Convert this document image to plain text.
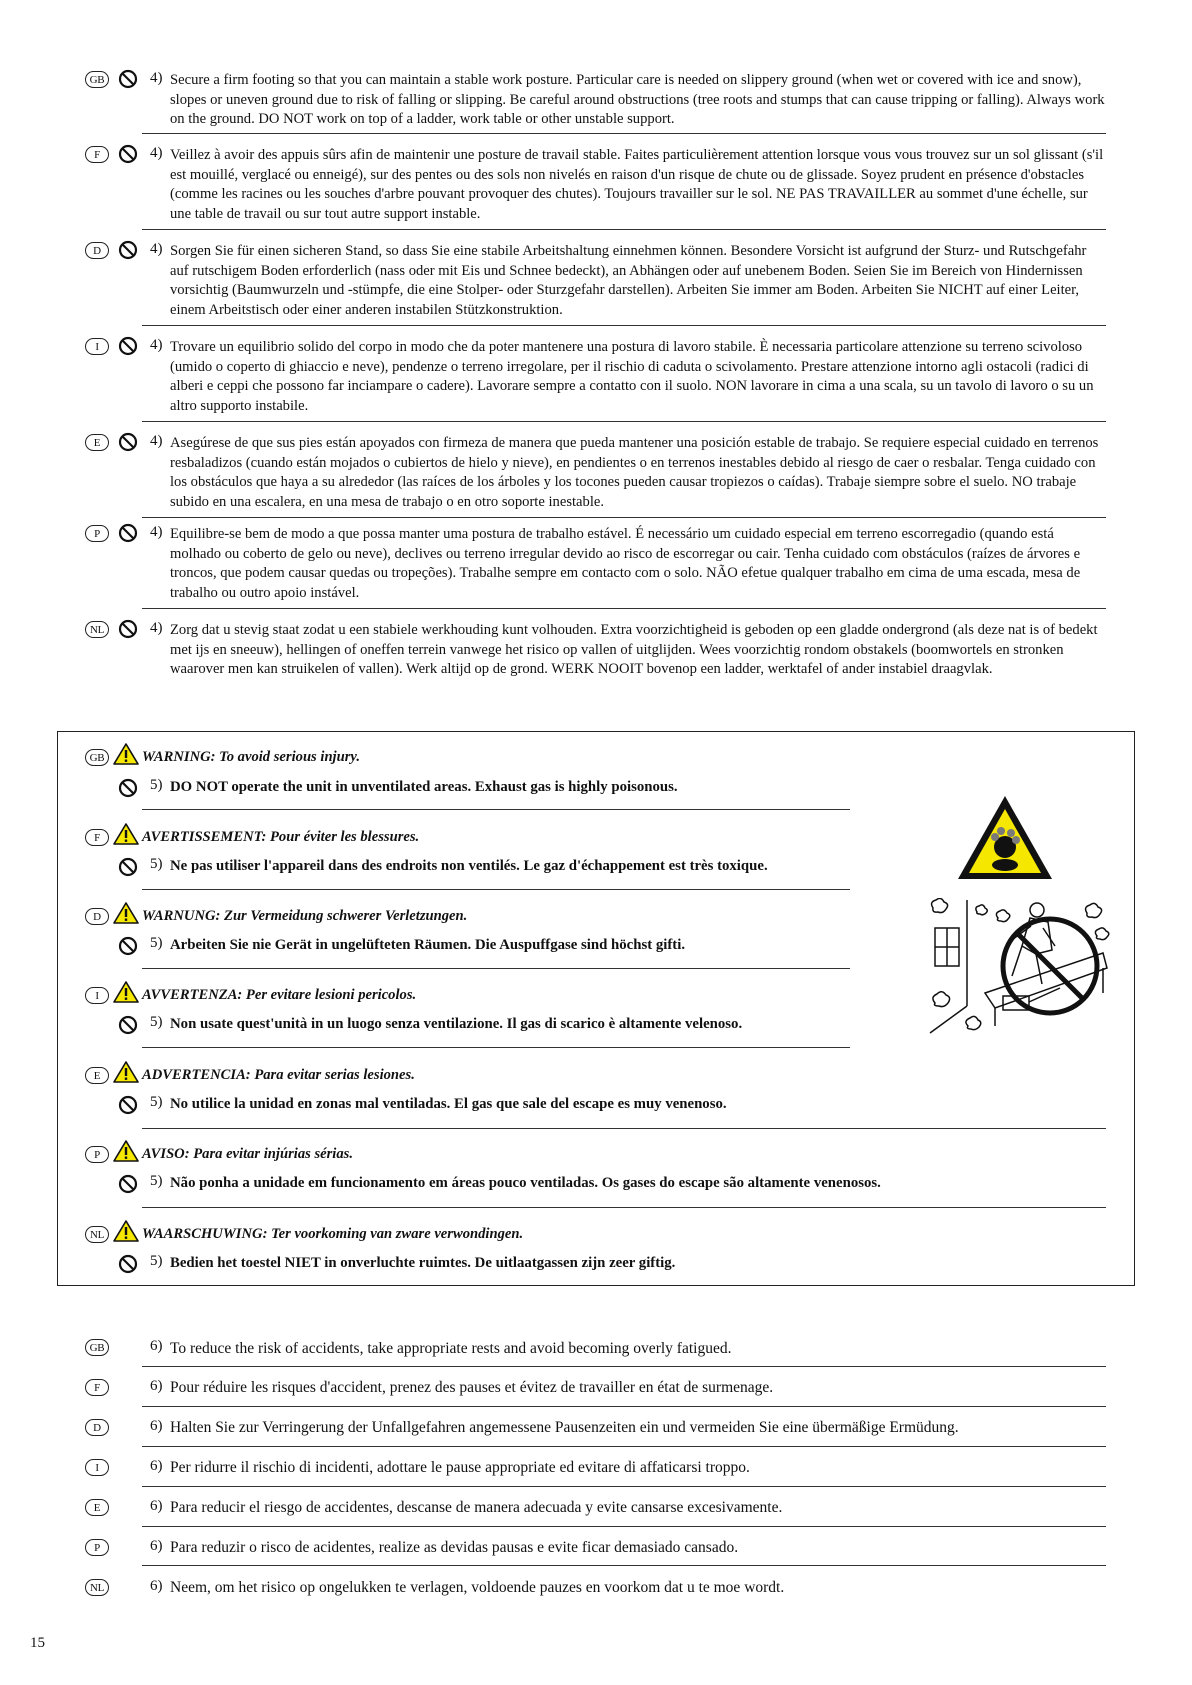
GB	4) Secure a firm footing so that you can maintain a stable work posture. Particular care is needed on slippery ground (when wet or covered with ice and snow), slopes or uneven ground due to risk of falling or slipping. Be careful around obstructions (tree roots and stumps that can cause tripping or falling). Always work on the ground. DO NOT work on top of a ladder, work table or other unstable support.
F	4) Veillez à avoir des appuis sûrs afin de maintenir une posture de travail stable. Faites particulièrement attention lorsque vous vous trouvez sur un sol glissant (s'il est mouillé, verglacé ou enneigé), sur des pentes ou des sols non nivelés en raison d'un risque de chute ou de glissade. Soyez prudent en présence d'obstacles (comme les racines ou les souches d'arbre pouvant provoquer des chutes). Toujours travailler sur le sol. NE PAS TRAVAILLER au sommet d'une échelle, sur une table de travail ou sur tout autre support instable.
D	4) Sorgen Sie für einen sicheren Stand, so dass Sie eine stabile Arbeitshaltung einnehmen können. Besondere Vorsicht ist aufgrund der Sturz- und Rutschgefahr auf rutschigem Boden erforderlich (nass oder mit Eis und Schnee bedeckt), an Abhängen oder auf unebenem Boden. Seien Sie im Bereich von Hindernissen vorsichtig (Baumwurzeln und -stümpfe, die eine Stolper- oder Sturzgefahr darstellen). Arbeiten Sie immer am Boden. Arbeiten Sie NICHT auf einer Leiter, einem Arbeitstisch oder einer anderen instabilen Stützkonstruktion.
I	4) Trovare un equilibrio solido del corpo in modo che da poter mantenere una postura di lavoro stabile. È necessaria particolare attenzione su terreno scivoloso (umido o coperto di ghiaccio e neve), pendenze o terreno irregolare, per il rischio di caduta o scivolamento. Prestare attenzione intorno agli ostacoli (radici di alberi e ceppi che possono far inciampare o cadere). Lavorare sempre a contatto con il suolo. NON lavorare in cima a una scala, su un tavolo di lavoro o su un altro supporto instabile.
E	4) Asegúrese de que sus pies están apoyados con firmeza de manera que pueda mantener una posición estable de trabajo. Se requiere especial cuidado en terrenos resbaladizos (cuando están mojados o cubiertos de hielo y nieve), en pendientes o en terrenos inestables debido al riesgo de caer o resbalar. Tenga cuidado con los obstáculos que haya a su alrededor (las raíces de los árboles y los tocones pueden causar tropiezos o caídas). Trabaje siempre sobre el suelo. NO trabaje subido en una escalera, en una mesa de trabajo o en otro soporte inestable.
P	4) Equilibre-se bem de modo a que possa manter uma postura de trabalho estável. É necessário um cuidado especial em terreno escorregadio (quando está molhado ou coberto de gelo ou neve), declives ou terreno irregular devido ao risco de escorregar ou cair. Tenha cuidado com obstáculos (raízes de árvores e troncos, que podem causar quedas ou tropeções). Trabalhe sempre em contacto com o solo. NÃO efetue qualquer trabalho em cima de uma escada, mesa de trabalho ou outro apoio instável.
NL	4) Zorg dat u stevig staat zodat u een stabiele werkhouding kunt volhouden. Extra voorzichtigheid is geboden op een gladde ondergrond (als deze nat is of bedekt met ijs en sneeuw), hellingen of oneffen terrein vanwege het risico op vallen of uitglijden. Wees voorzichtig rondom obstakels (boomwortels en stronken waarover men kan struikelen of vallen). Werk altijd op de grond. WERK NOOIT bovenop een ladder, werktafel of ander instabiel draagvlak.
GB	WARNING: To avoid serious injury.
5) DO NOT operate the unit in unventilated areas. Exhaust gas is highly poisonous.
F	AVERTISSEMENT: Pour éviter les blessures.
5) Ne pas utiliser l'appareil dans des endroits non ventilés. Le gaz d'échappement est très toxique.
D	WARNUNG: Zur Vermeidung schwerer Verletzungen.
5) Arbeiten Sie nie Gerät in ungelüfteten Räumen. Die Auspuffgase sind höchst gifti.
I	AVVERTENZA: Per evitare lesioni pericolos.
5) Non usate quest'unità in un luogo senza ventilazione. Il gas di scarico è altamente velenoso.
E	ADVERTENCIA: Para evitar serias lesiones.
5) No utilice la unidad en zonas mal ventiladas. El gas que sale del escape es muy venenoso.
P	AVISO: Para evitar injúrias sérias.
5) Não ponha a unidade em funcionamento em áreas pouco ventiladas. Os gases do escape são altamente venenosos.
NL	WAARSCHUWING: Ter voorkoming van zware verwondingen.
5) Bedien het toestel NIET in onverluchte ruimtes. De uitlaatgassen zijn zeer giftig.
GB	6) To reduce the risk of accidents, take appropriate rests and avoid becoming overly fatigued.
F	6) Pour réduire les risques d'accident, prenez des pauses et évitez de travailler en état de surmenage.
D	6) Halten Sie zur Verringerung der Unfallgefahren angemessene Pausenzeiten ein und vermeiden Sie eine übermäßige Ermüdung.
I	6) Per ridurre il rischio di incidenti, adottare le pause appropriate ed evitare di affaticarsi troppo.
E	6) Para reducir el riesgo de accidentes, descanse de manera adecuada y evite cansarse excesivamente.
P	6) Para reduzir o risco de acidentes, realize as devidas pausas e evite ficar demasiado cansado.
NL	6) Neem, om het risico op ongelukken te verlagen, voldoende pauzes en voorkom dat u te moe wordt.
15
